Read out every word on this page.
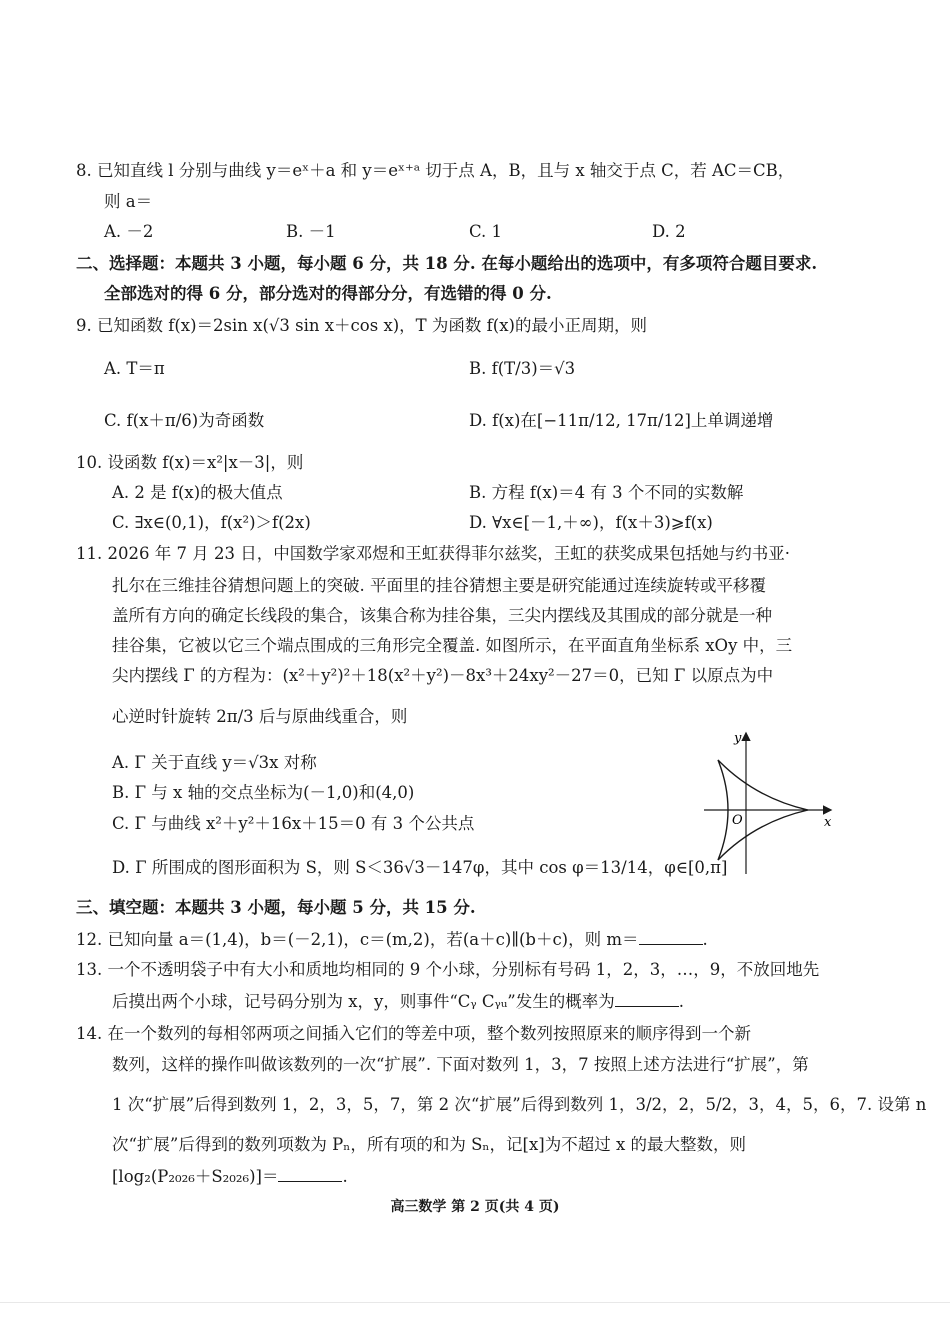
8. 已知直线 l 分别与曲线 y＝eˣ＋a 和 y＝eˣ⁺ᵃ 切于点 A，B，且与 x 轴交于点 C，若 AC＝CB，
则 a＝
A. －2	B. －1	C. 1	D. 2
二、选择题：本题共 3 小题，每小题 6 分，共 18 分. 在每小题给出的选项中，有多项符合题目要求.
全部选对的得 6 分，部分选对的得部分分，有选错的得 0 分.
9. 已知函数 f(x)＝2sin x(√3 sin x＋cos x)，T 为函数 f(x)的最小正周期，则
A. T＝π	B. f(T/3)＝√3
C. f(x＋π/6)为奇函数	D. f(x)在[−11π/12, 17π/12]上单调递增
10. 设函数 f(x)＝x²|x－3|，则
A. 2 是 f(x)的极大值点	B. 方程 f(x)＝4 有 3 个不同的实数解
C. ∃x∈(0,1)，f(x²)＞f(2x)	D. ∀x∈[－1,＋∞)，f(x＋3)⩾f(x)
11. 2026 年 7 月 23 日，中国数学家邓煜和王虹获得菲尔兹奖，王虹的获奖成果包括她与约书亚·
扎尔在三维挂谷猜想问题上的突破. 平面里的挂谷猜想主要是研究能通过连续旋转或平移覆
盖所有方向的确定长线段的集合，该集合称为挂谷集，三尖内摆线及其围成的部分就是一种
挂谷集，它被以它三个端点围成的三角形完全覆盖. 如图所示，在平面直角坐标系 xOy 中，三
尖内摆线 Γ 的方程为：(x²＋y²)²＋18(x²＋y²)－8x³＋24xy²－27＝0，已知 Γ 以原点为中
心逆时针旋转 2π/3 后与原曲线重合，则
A. Γ 关于直线 y＝√3x 对称
B. Γ 与 x 轴的交点坐标为(－1,0)和(4,0)
C. Γ 与曲线 x²＋y²＋16x＋15＝0 有 3 个公共点
D. Γ 所围成的图形面积为 S，则 S＜36√3－147φ，其中 cos φ＝13/14，φ∈[0,π]
y
x
O
三、填空题：本题共 3 小题，每小题 5 分，共 15 分.
12. 已知向量 a＝(1,4)，b＝(－2,1)，c＝(m,2)，若(a＋c)∥(b＋c)，则 m＝	.
13. 一个不透明袋子中有大小和质地均相同的 9 个小球，分别标有号码 1，2，3，…，9，不放回地先
后摸出两个小球，记号码分别为 x，y，则事件“Cᵧ Cᵧᵤ”发生的概率为	.
14. 在一个数列的每相邻两项之间插入它们的等差中项，整个数列按照原来的顺序得到一个新
数列，这样的操作叫做该数列的一次“扩展”. 下面对数列 1，3，7 按照上述方法进行“扩展”，第
1 次“扩展”后得到数列 1，2，3，5，7，第 2 次“扩展”后得到数列 1，3/2，2，5/2，3，4，5，6，7. 设第 n
次“扩展”后得到的数列项数为 Pₙ，所有项的和为 Sₙ，记[x]为不超过 x 的最大整数，则
[log₂(P₂₀₂₆＋S₂₀₂₆)]＝	.
高三数学 第 2 页(共 4 页)
